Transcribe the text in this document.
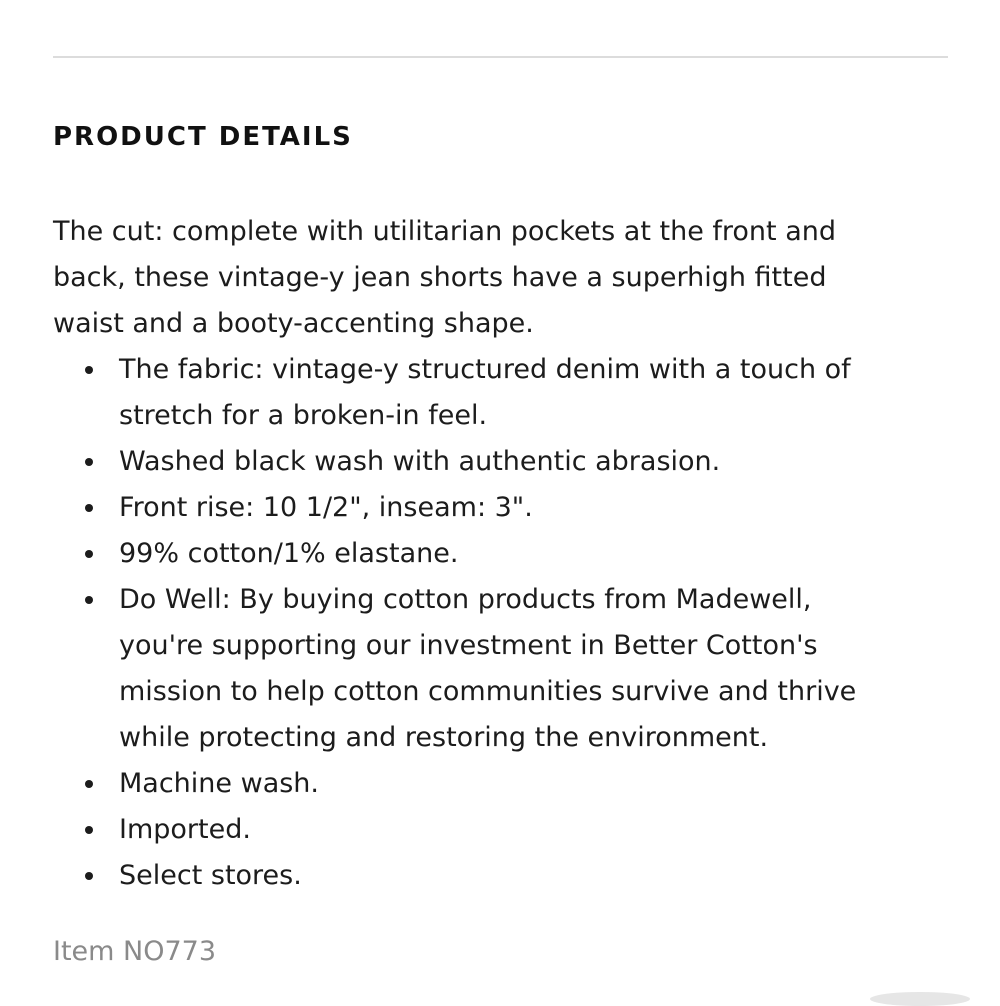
PRODUCT DETAILS

The cut: complete with utilitarian pockets at the front and
back, these vintage-y jean shorts have a superhigh fitted
waist and a booty-accenting shape.

The fabric: vintage-y structured denim with a touch of
stretch for a broken-in feel.
Washed black wash with authentic abrasion.
Front rise: 10 1/2", inseam: 3".
99% cotton/1% elastane.
Do Well: By buying cotton products from Madewell,
you're supporting our investment in Better Cotton's
mission to help cotton communities survive and thrive
while protecting and restoring the environment.
Machine wash.
Imported.
Select stores.

Item NO773
